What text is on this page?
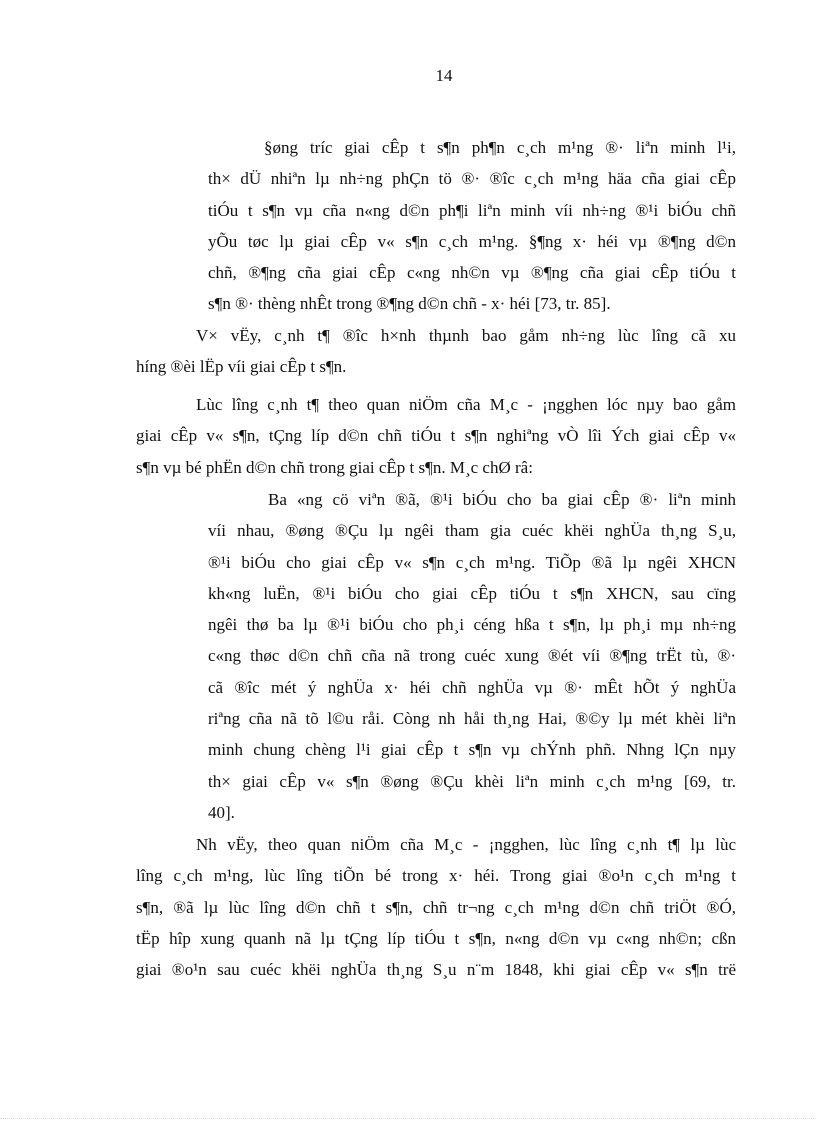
14
§øng tríc giai cÊp t s¶n ph¶n c¸ch m¹ng ®· liªn minh l¹i,
th× dÜ nhiªn lµ nh÷ng phÇn tö ®· ®îc c¸ch m¹ng häa cña giai cÊp
tiÓu t s¶n vµ cña n«ng d©n ph¶i liªn minh víi nh÷ng ®¹i biÓu chñ
yÕu tøc lµ giai cÊp v« s¶n c¸ch m¹ng. §¶ng x· héi vµ ®¶ng d©n
chñ, ®¶ng cña giai cÊp c«ng nh©n vµ ®¶ng cña giai cÊp tiÓu t
s¶n ®· thèng nhÊt trong ®¶ng d©n chñ - x· héi [73, tr. 85].
V× vËy, c¸nh t¶ ®îc h×nh thµnh bao gåm nh÷ng lùc lîng cã xu
híng ®èi lËp víi giai cÊp t s¶n.
Lùc lîng c¸nh t¶ theo quan niÖm cña M¸c - ¡ngghen lóc nµy bao gåm
giai cÊp v« s¶n, tÇng líp d©n chñ tiÓu t s¶n nghiªng vÒ lîi Ých giai cÊp v«
s¶n vµ bé phËn d©n chñ trong giai cÊp t s¶n. M¸c chØ râ:
Ba «ng cö viªn ®ã, ®¹i biÓu cho ba giai cÊp ®· liªn minh
víi nhau, ®øng ®Çu lµ ngêi tham gia cuéc khëi nghÜa th¸ng S¸u,
®¹i biÓu cho giai cÊp v« s¶n c¸ch m¹ng. TiÕp ®ã lµ ngêi XHCN
kh«ng luËn, ®¹i biÓu cho giai cÊp tiÓu t s¶n XHCN, sau cïng
ngêi thø ba lµ ®¹i biÓu cho ph¸i céng hßa t s¶n, lµ ph¸i mµ nh÷ng
c«ng thøc d©n chñ cña nã trong cuéc xung ®ét víi ®¶ng trËt tù, ®·
cã ®îc mét ý nghÜa x· héi chñ nghÜa vµ ®· mÊt hÕt ý nghÜa
riªng cña nã tõ l©u råi. Còng nh håi th¸ng Hai, ®©y lµ mét khèi liªn
minh chung chèng l¹i giai cÊp t s¶n vµ chÝnh phñ. Nhng lÇn nµy
th× giai cÊp v« s¶n ®øng ®Çu khèi liªn minh c¸ch m¹ng [69, tr.
40].
Nh vËy, theo quan niÖm cña M¸c - ¡ngghen, lùc lîng c¸nh t¶ lµ lùc
lîng c¸ch m¹ng, lùc lîng tiÕn bé trong x· héi. Trong giai ®o¹n c¸ch m¹ng t
s¶n, ®ã lµ lùc lîng d©n chñ t s¶n, chñ tr¬ng c¸ch m¹ng d©n chñ triÖt ®Ó,
tËp hîp xung quanh nã lµ tÇng líp tiÓu t s¶n, n«ng d©n vµ c«ng nh©n; cßn
giai ®o¹n sau cuéc khëi nghÜa th¸ng S¸u n¨m 1848, khi giai cÊp v« s¶n trë
